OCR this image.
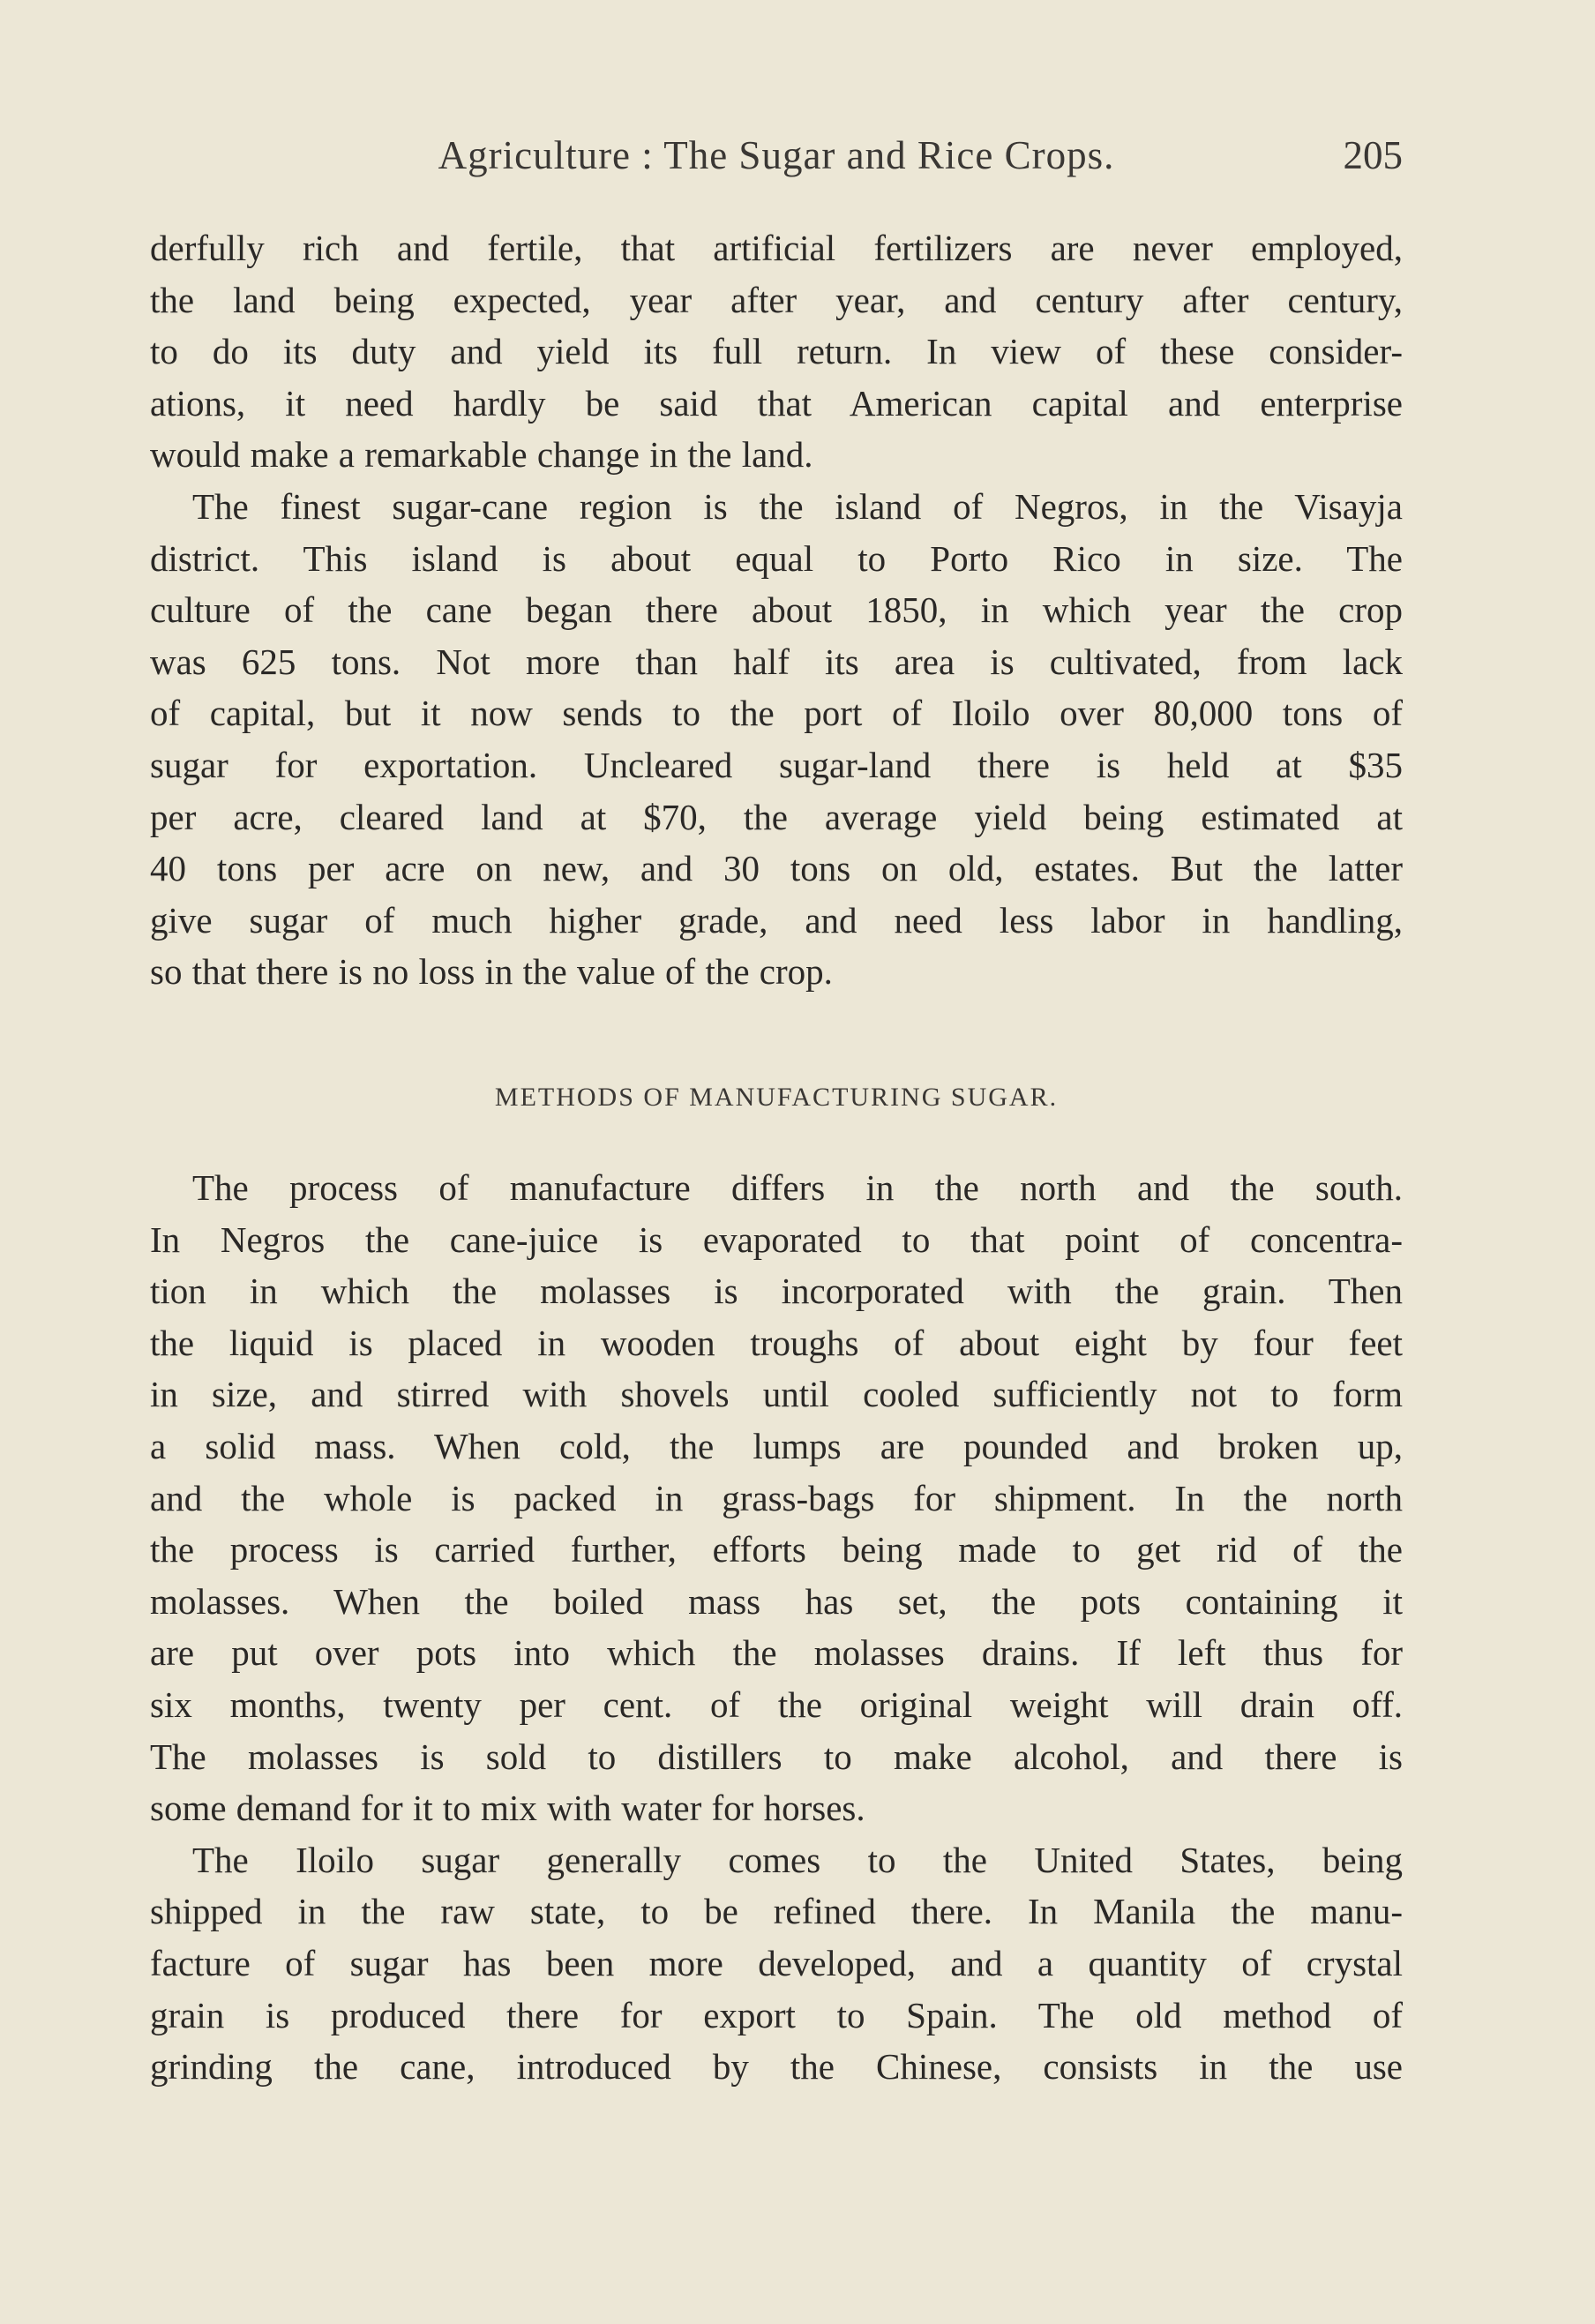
Agriculture : The Sugar and Rice Crops.	205
derfully rich and fertile, that artificial fertilizers are never employed,
the land being expected, year after year, and century after century,
to do its duty and yield its full return. In view of these consider-
ations, it need hardly be said that American capital and enterprise
would make a remarkable change in the land.
The finest sugar-cane region is the island of Negros, in the Visayja
district. This island is about equal to Porto Rico in size. The
culture of the cane began there about 1850, in which year the crop
was 625 tons. Not more than half its area is cultivated, from lack
of capital, but it now sends to the port of Iloilo over 80,000 tons of
sugar for exportation. Uncleared sugar-land there is held at $35
per acre, cleared land at $70, the average yield being estimated at
40 tons per acre on new, and 30 tons on old, estates. But the latter
give sugar of much higher grade, and need less labor in handling,
so that there is no loss in the value of the crop.
METHODS OF MANUFACTURING SUGAR.
The process of manufacture differs in the north and the south.
In Negros the cane-juice is evaporated to that point of concentra-
tion in which the molasses is incorporated with the grain. Then
the liquid is placed in wooden troughs of about eight by four feet
in size, and stirred with shovels until cooled sufficiently not to form
a solid mass. When cold, the lumps are pounded and broken up,
and the whole is packed in grass-bags for shipment. In the north
the process is carried further, efforts being made to get rid of the
molasses. When the boiled mass has set, the pots containing it
are put over pots into which the molasses drains. If left thus for
six months, twenty per cent. of the original weight will drain off.
The molasses is sold to distillers to make alcohol, and there is
some demand for it to mix with water for horses.
The Iloilo sugar generally comes to the United States, being
shipped in the raw state, to be refined there. In Manila the manu-
facture of sugar has been more developed, and a quantity of crystal
grain is produced there for export to Spain. The old method of
grinding the cane, introduced by the Chinese, consists in the use
